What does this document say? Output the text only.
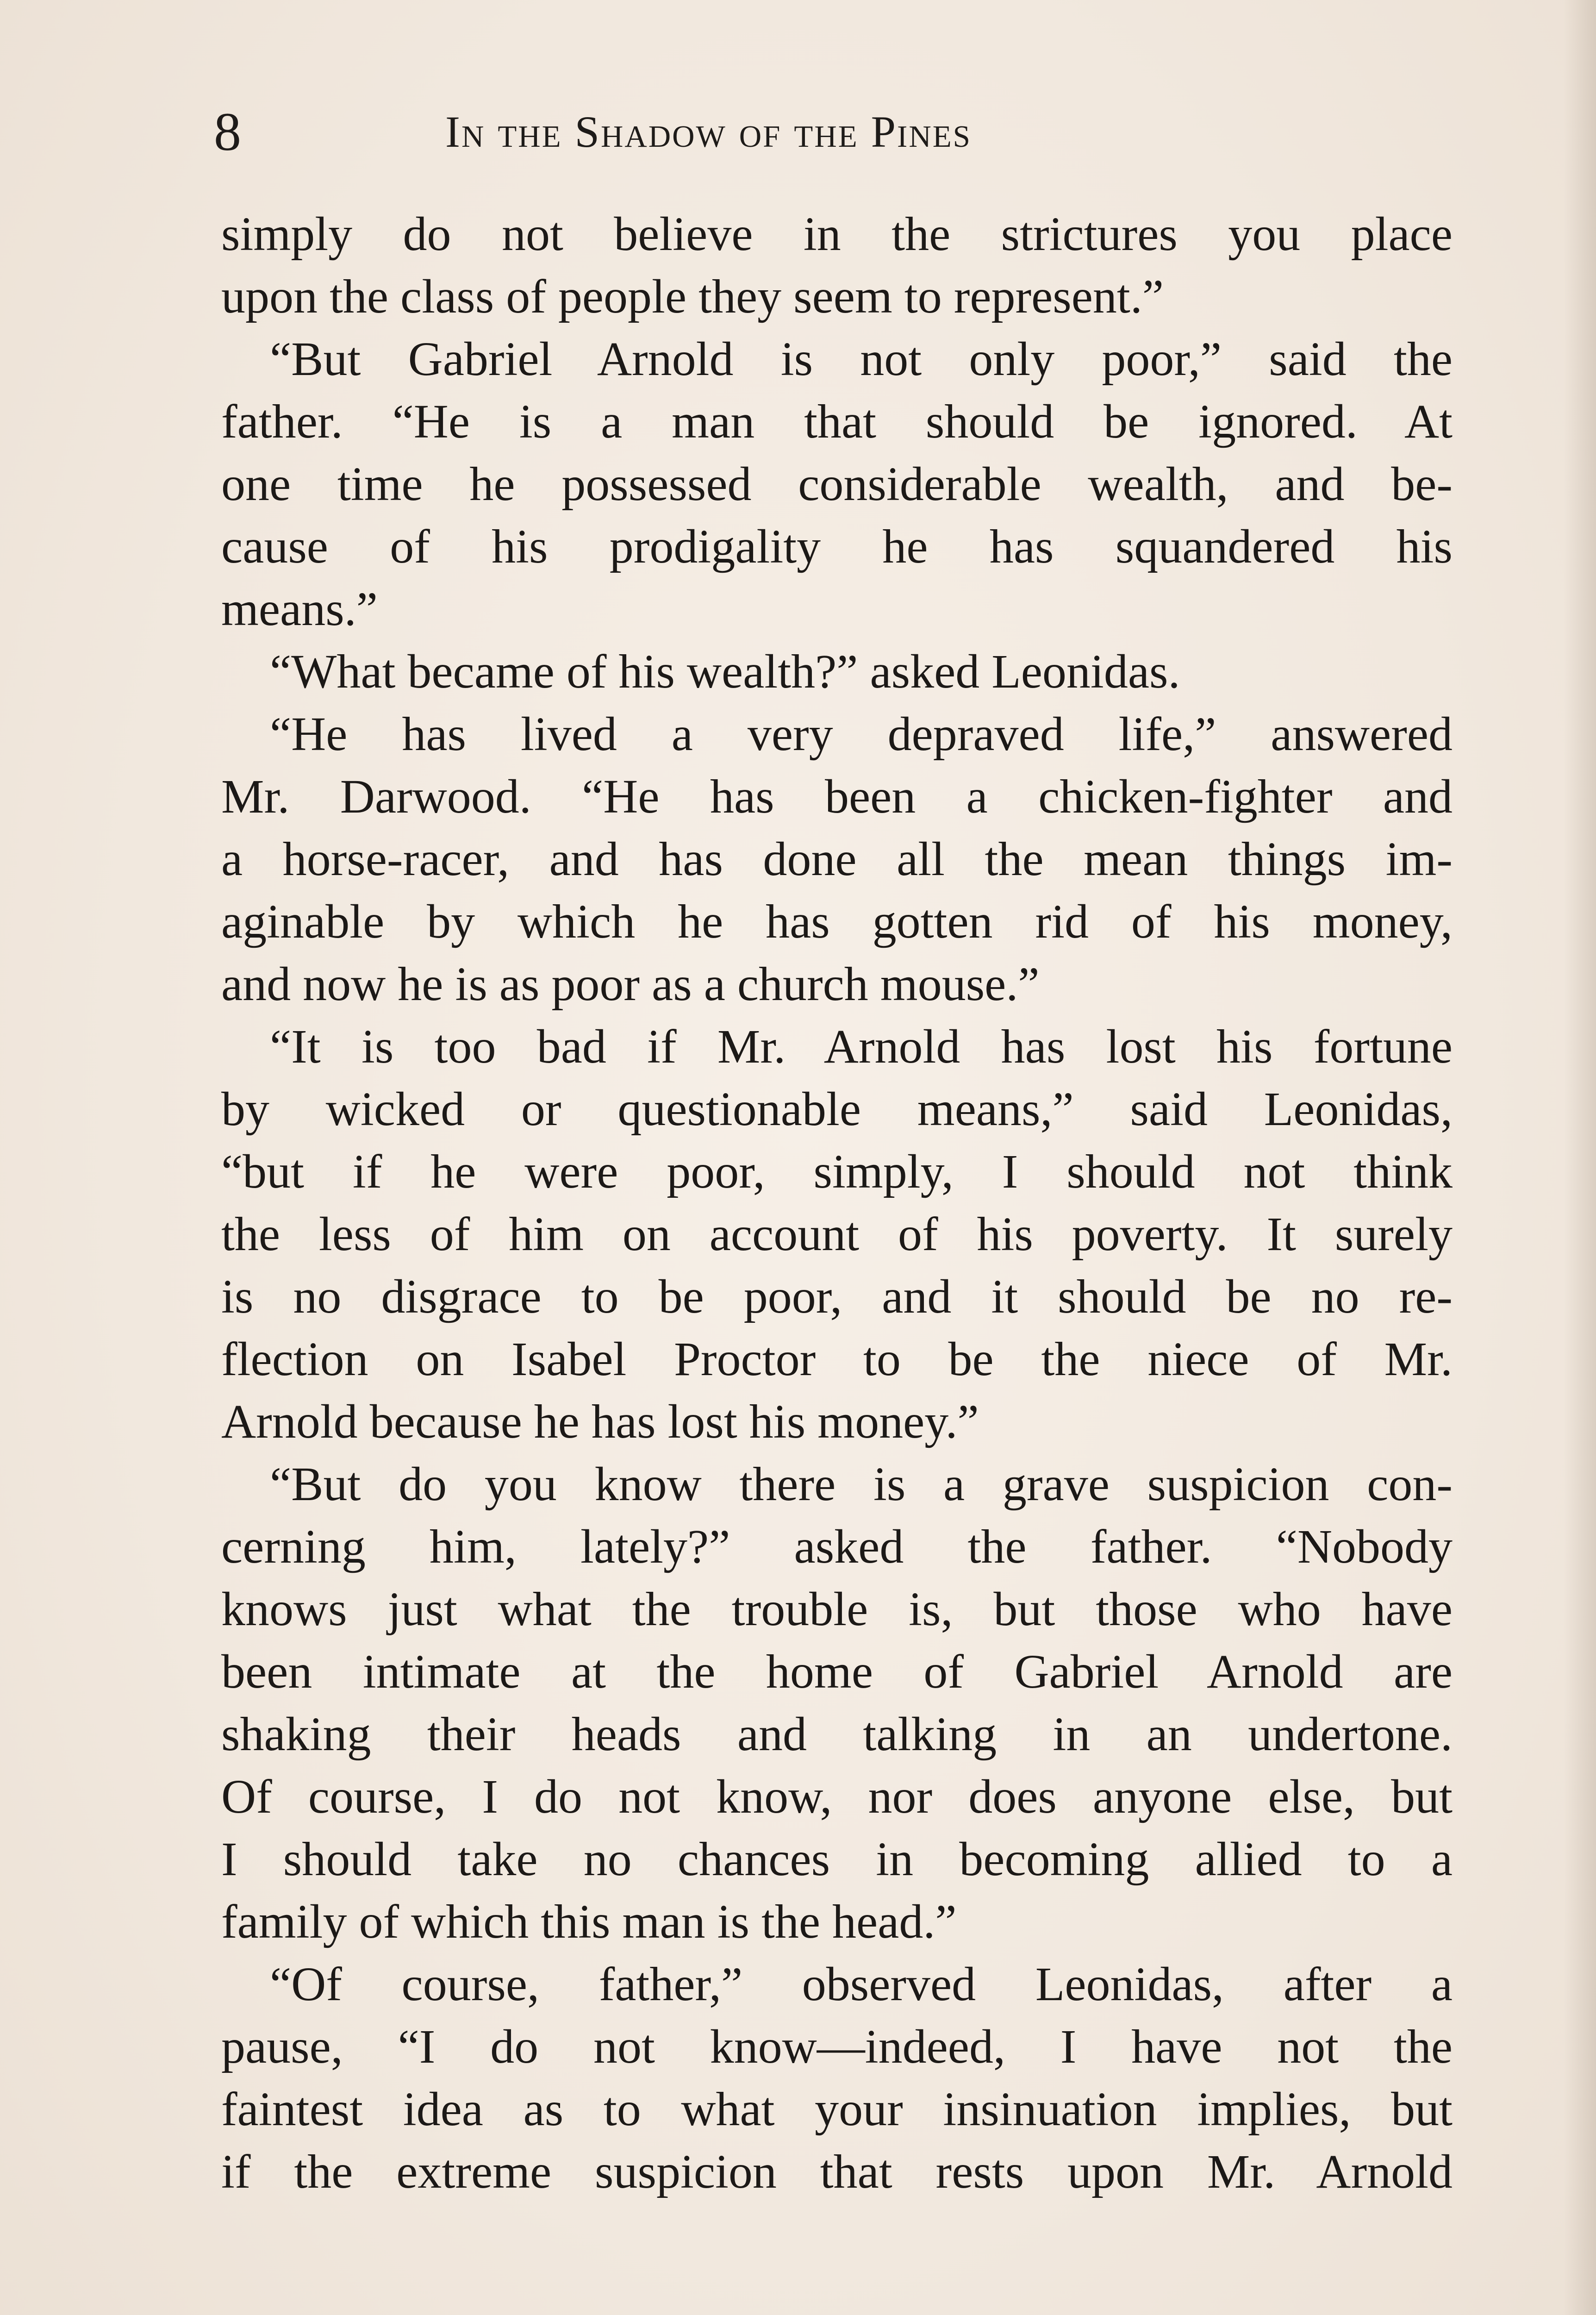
8	In the Shadow of the Pines
simply do not believe in the strictures you place
upon the class of people they seem to represent.”
“But Gabriel Arnold is not only poor,” said the
father. “He is a man that should be ignored. At
one time he possessed considerable wealth, and be-
cause of his prodigality he has squandered his
means.”
“What became of his wealth?” asked Leonidas.
“He has lived a very depraved life,” answered
Mr. Darwood. “He has been a chicken-fighter and
a horse-racer, and has done all the mean things im-
aginable by which he has gotten rid of his money,
and now he is as poor as a church mouse.”
“It is too bad if Mr. Arnold has lost his fortune
by wicked or questionable means,” said Leonidas,
“but if he were poor, simply, I should not think
the less of him on account of his poverty. It surely
is no disgrace to be poor, and it should be no re-
flection on Isabel Proctor to be the niece of Mr.
Arnold because he has lost his money.”
“But do you know there is a grave suspicion con-
cerning him, lately?” asked the father. “Nobody
knows just what the trouble is, but those who have
been intimate at the home of Gabriel Arnold are
shaking their heads and talking in an undertone.
Of course, I do not know, nor does anyone else, but
I should take no chances in becoming allied to a
family of which this man is the head.”
“Of course, father,” observed Leonidas, after a
pause, “I do not know—indeed, I have not the
faintest idea as to what your insinuation implies, but
if the extreme suspicion that rests upon Mr. Arnold
